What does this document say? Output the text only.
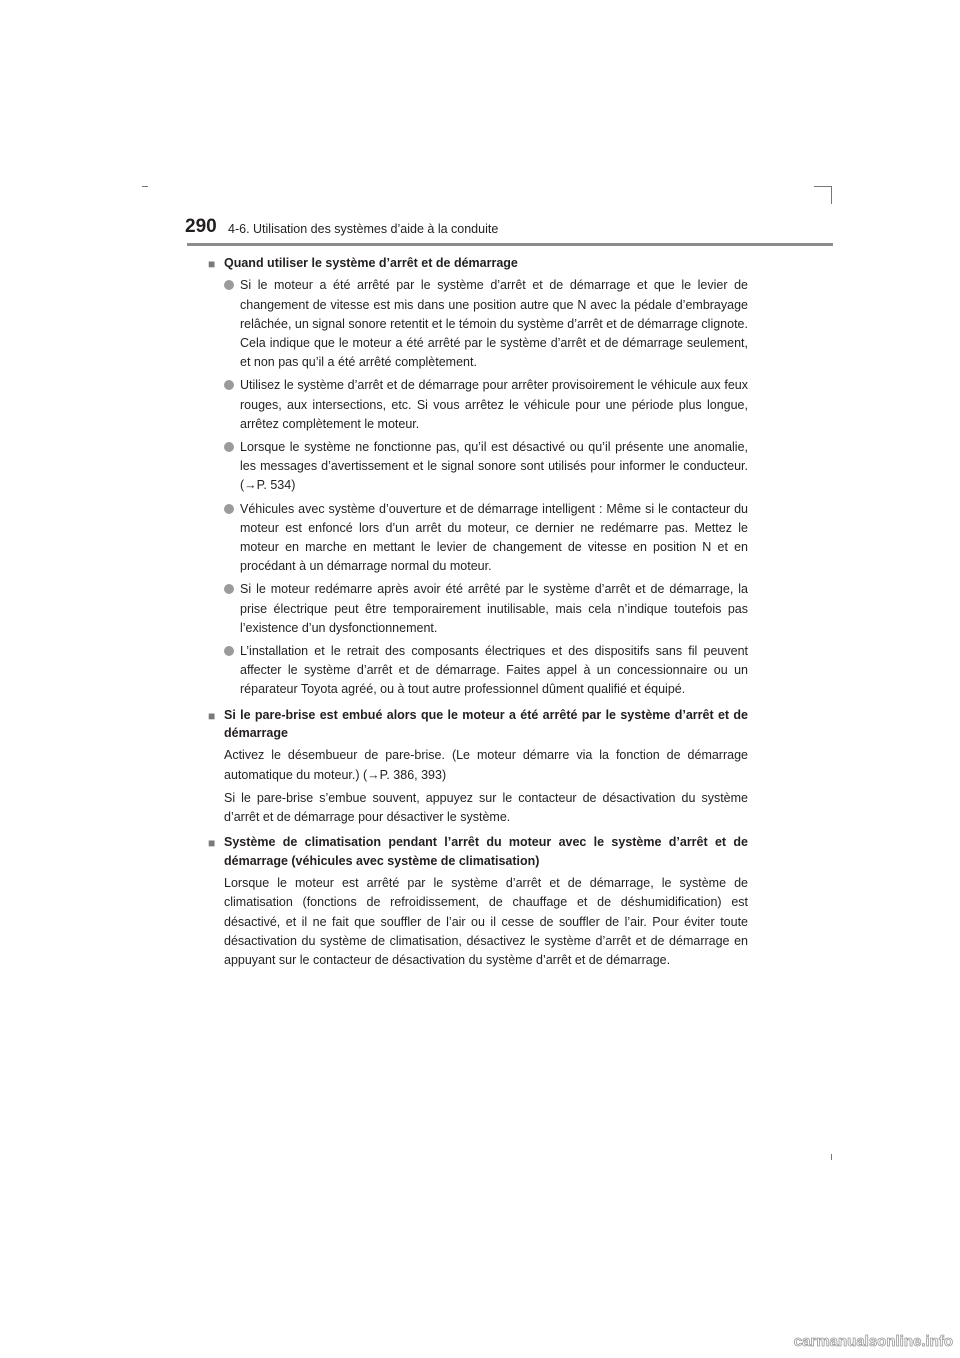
290 4-6. Utilisation des systèmes d’aide à la conduite
■ Quand utiliser le système d’arrêt et de démarrage
Si le moteur a été arrêté par le système d’arrêt et de démarrage et que le levier de changement de vitesse est mis dans une position autre que N avec la pédale d’embrayage relâchée, un signal sonore retentit et le témoin du système d’arrêt et de démarrage clignote. Cela indique que le moteur a été arrêté par le système d’arrêt et de démarrage seulement, et non pas qu’il a été arrêté complètement.
Utilisez le système d’arrêt et de démarrage pour arrêter provisoirement le véhicule aux feux rouges, aux intersections, etc. Si vous arrêtez le véhicule pour une période plus longue, arrêtez complètement le moteur.
Lorsque le système ne fonctionne pas, qu’il est désactivé ou qu’il présente une anomalie, les messages d’avertissement et le signal sonore sont utilisés pour informer le conducteur. (→P. 534)
Véhicules avec système d’ouverture et de démarrage intelligent : Même si le contacteur du moteur est enfoncé lors d’un arrêt du moteur, ce dernier ne redémarre pas. Mettez le moteur en marche en mettant le levier de changement de vitesse en position N et en procédant à un démarrage normal du moteur.
Si le moteur redémarre après avoir été arrêté par le système d’arrêt et de démarrage, la prise électrique peut être temporairement inutilisable, mais cela n’indique toutefois pas l’existence d’un dysfonctionnement.
L’installation et le retrait des composants électriques et des dispositifs sans fil peuvent affecter le système d’arrêt et de démarrage. Faites appel à un concessionnaire ou un réparateur Toyota agréé, ou à tout autre professionnel dûment qualifié et équipé.
■ Si le pare-brise est embué alors que le moteur a été arrêté par le système d’arrêt et de démarrage
Activez le désembueur de pare-brise. (Le moteur démarre via la fonction de démarrage automatique du moteur.) (→P. 386, 393)
Si le pare-brise s’embue souvent, appuyez sur le contacteur de désactivation du système d’arrêt et de démarrage pour désactiver le système.
■ Système de climatisation pendant l’arrêt du moteur avec le système d’arrêt et de démarrage (véhicules avec système de climatisation)
Lorsque le moteur est arrêté par le système d’arrêt et de démarrage, le système de climatisation (fonctions de refroidissement, de chauffage et de déshumidification) est désactivé, et il ne fait que souffler de l’air ou il cesse de souffler de l’air. Pour éviter toute désactivation du système de climatisation, désactivez le système d’arrêt et de démarrage en appuyant sur le contacteur de désactivation du système d’arrêt et de démarrage.
carmanualsonline.info
